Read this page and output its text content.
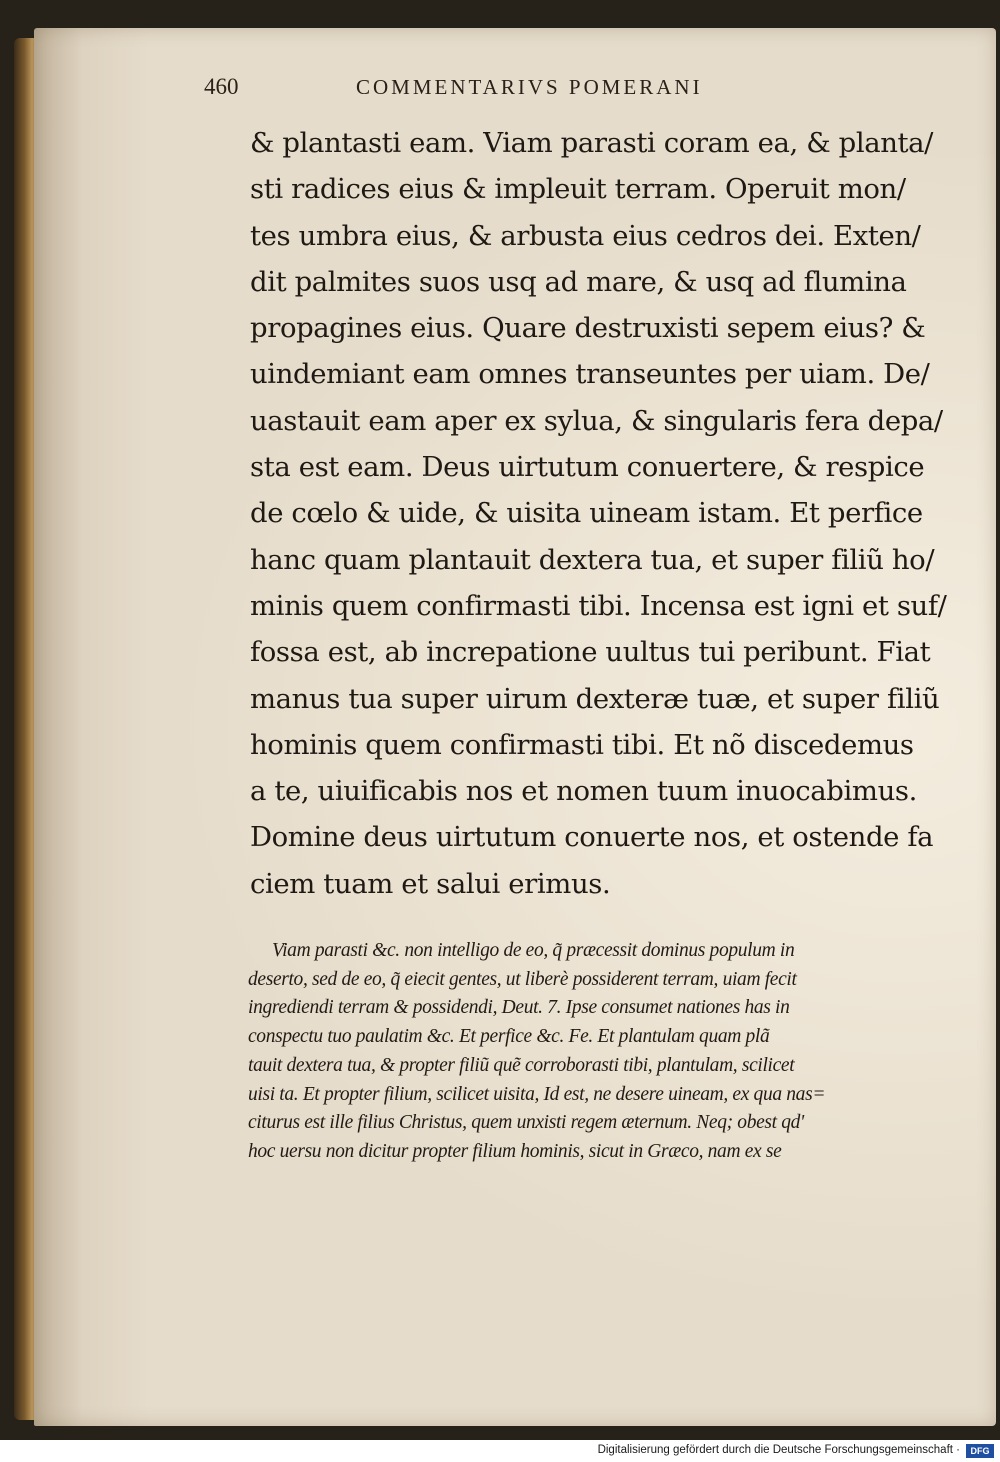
460	COMMENTARIVS POMERANI
& plantasti eam. Viam parasti coram ea, & planta/
sti radices eius & impleuit terram. Operuit mon/
tes umbra eius, & arbusta eius cedros dei. Exten/
dit palmites suos usq ad mare, & usq ad flumina
propagines eius. Quare destruxisti sepem eius? &
uindemiant eam omnes transeuntes per uiam. De/
uastauit eam aper ex sylua, & singularis fera depa/
sta est eam. Deus uirtutum conuertere, & respice
de cœlo & uide, & uisita uineam istam. Et perfice
hanc quam plantauit dextera tua, et super filiũ ho/
minis quem confirmasti tibi. Incensa est igni et suf/
fossa est, ab increpatione uultus tui peribunt. Fiat
manus tua super uirum dexteræ tuæ, et super filiũ
hominis quem confirmasti tibi. Et nõ discedemus
a te, uiuificabis nos et nomen tuum inuocabimus.
Domine deus uirtutum conuerte nos, et ostende fa
ciem tuam et salui erimus.
Viam parasti &c. non intelligo de eo, q̃ præcessit dominus populum in
deserto, sed de eo, q̃ eiecit gentes, ut liberè possiderent terram, uiam fecit
ingrediendi terram & possidendi, Deut. 7. Ipse consumet nationes has in
conspectu tuo paulatim &c. Et perfice &c. Fe. Et plantulam quam plã
tauit dextera tua, & propter filiũ quẽ corroborasti tibi, plantulam, scilicet
uisi ta. Et propter filium, scilicet uisita, Id est, ne desere uineam, ex qua nas=
citurus est ille filius Christus, quem unxisti regem æternum. Neq; obest qd'
hoc uersu non dicitur propter filium hominis, sicut in Græco, nam ex se
Digitalisierung gefördert durch die Deutsche Forschungsgemeinschaft ·	DFG
